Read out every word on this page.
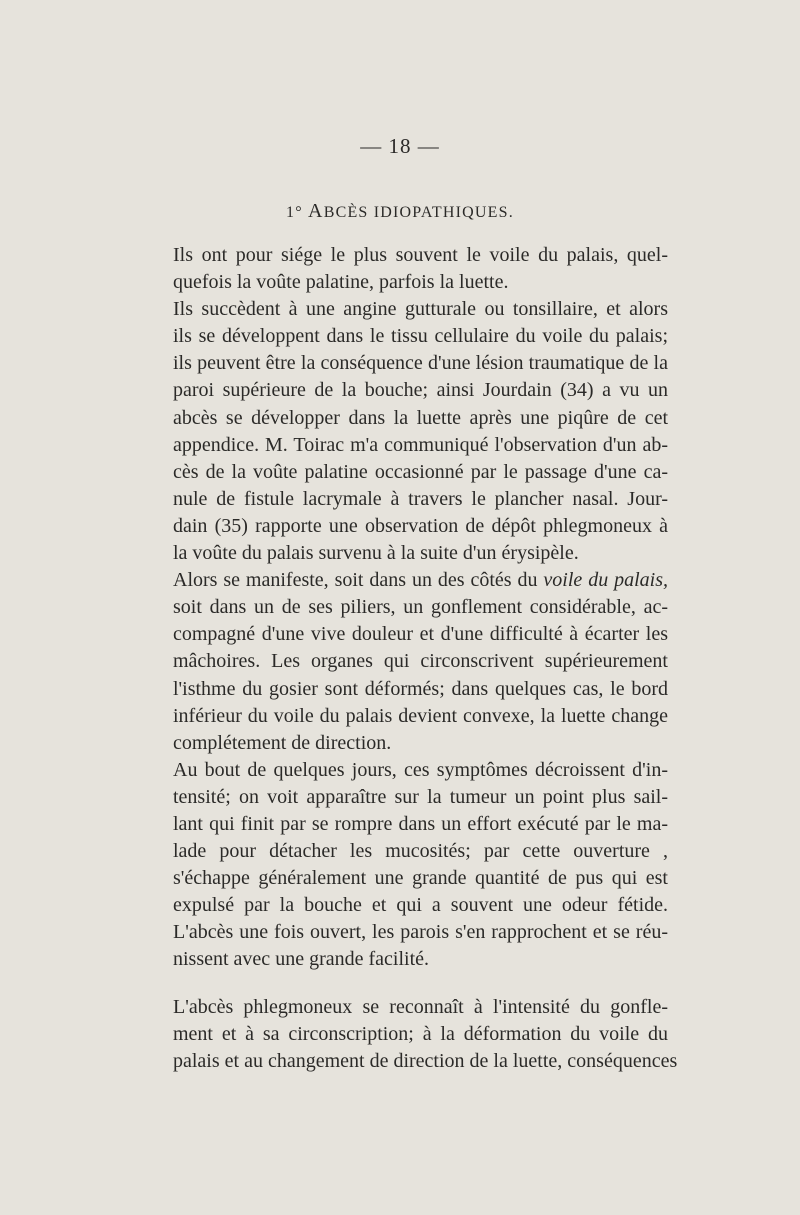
— 18 —
1° ABCÈS IDIOPATHIQUES.

Ils ont pour siége le plus souvent le voile du palais, quel-
quefois la voûte palatine, parfois la luette.

Ils succèdent à une angine gutturale ou tonsillaire, et alors
ils se développent dans le tissu cellulaire du voile du palais;
ils peuvent être la conséquence d'une lésion traumatique de la
paroi supérieure de la bouche; ainsi Jourdain (34) a vu un
abcès se développer dans la luette après une piqûre de cet
appendice. M. Toirac m'a communiqué l'observation d'un ab-
cès de la voûte palatine occasionné par le passage d'une ca-
nule de fistule lacrymale à travers le plancher nasal. Jour-
dain (35) rapporte une observation de dépôt phlegmoneux à
la voûte du palais survenu à la suite d'un érysipèle.

Alors se manifeste, soit dans un des côtés du voile du palais,
soit dans un de ses piliers, un gonflement considérable, ac-
compagné d'une vive douleur et d'une difficulté à écarter les
mâchoires. Les organes qui circonscrivent supérieurement
l'isthme du gosier sont déformés; dans quelques cas, le bord
inférieur du voile du palais devient convexe, la luette change
complétement de direction.

Au bout de quelques jours, ces symptômes décroissent d'in-
tensité; on voit apparaître sur la tumeur un point plus sail-
lant qui finit par se rompre dans un effort exécuté par le ma-
lade pour détacher les mucosités; par cette ouverture ,
s'échappe généralement une grande quantité de pus qui est
expulsé par la bouche et qui a souvent une odeur fétide.
L'abcès une fois ouvert, les parois s'en rapprochent et se réu-
nissent avec une grande facilité.

L'abcès phlegmoneux se reconnaît à l'intensité du gonfle-
ment et à sa circonscription; à la déformation du voile du
palais et au changement de direction de la luette, conséquences
